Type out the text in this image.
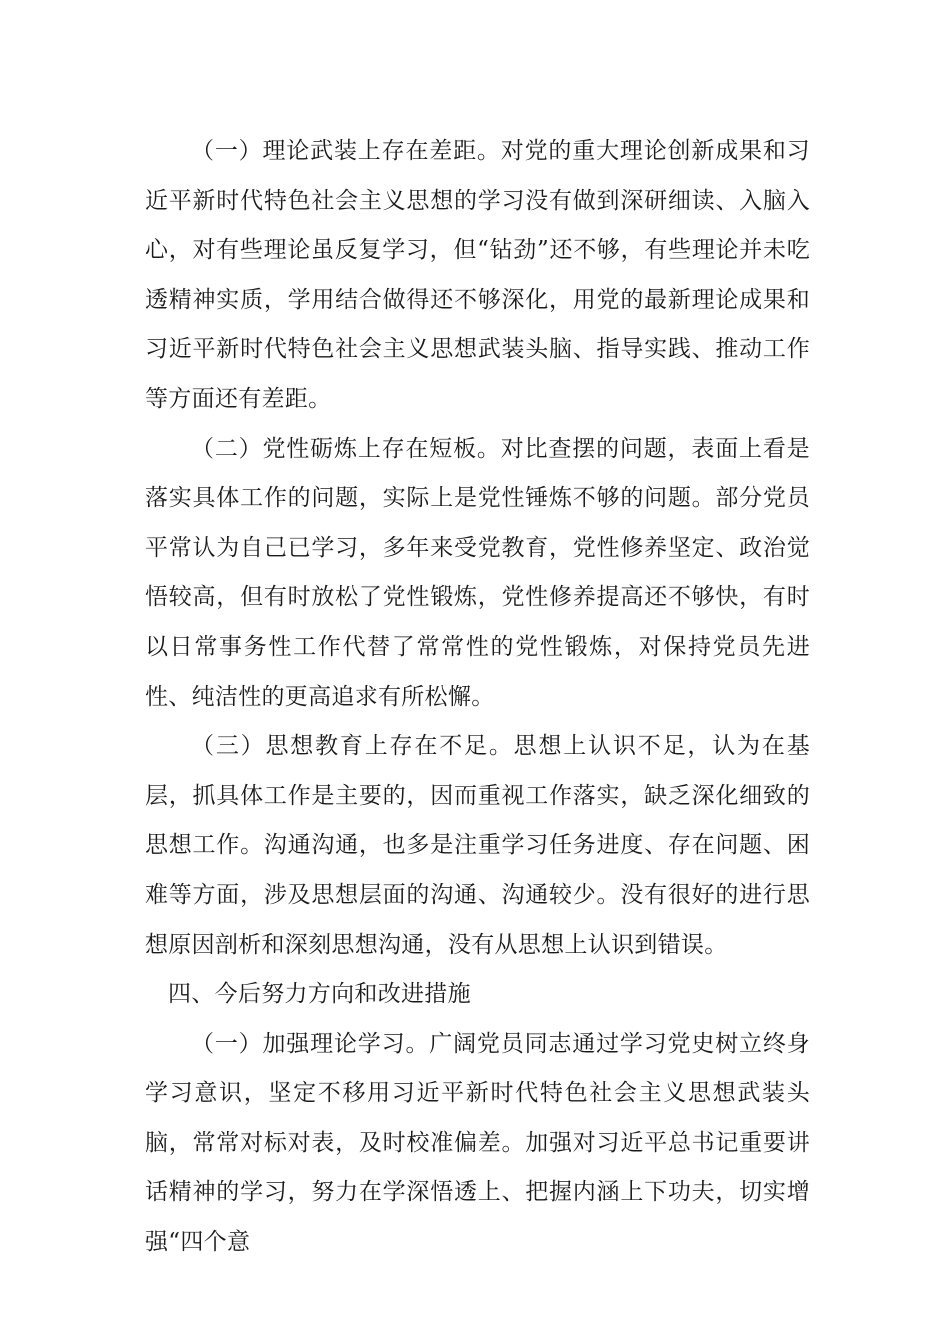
（一）理论武装上存在差距。对党的重大理论创新成果和习近平新时代特色社会主义思想的学习没有做到深研细读、入脑入心，对有些理论虽反复学习，但“钻劲”还不够，有些理论并未吃透精神实质，学用结合做得还不够深化，用党的最新理论成果和习近平新时代特色社会主义思想武装头脑、指导实践、推动工作等方面还有差距。

（二）党性砺炼上存在短板。对比查摆的问题，表面上看是落实具体工作的问题，实际上是党性锤炼不够的问题。部分党员平常认为自己已学习，多年来受党教育，党性修养坚定、政治觉悟较高，但有时放松了党性锻炼，党性修养提高还不够快，有时以日常事务性工作代替了常常性的党性锻炼，对保持党员先进性、纯洁性的更高追求有所松懈。

（三）思想教育上存在不足。思想上认识不足，认为在基层，抓具体工作是主要的，因而重视工作落实，缺乏深化细致的思想工作。沟通沟通，也多是注重学习任务进度、存在问题、困难等方面，涉及思想层面的沟通、沟通较少。没有很好的进行思想原因剖析和深刻思想沟通，没有从思想上认识到错误。

四、今后努力方向和改进措施

（一）加强理论学习。广阔党员同志通过学习党史树立终身学习意识，坚定不移用习近平新时代特色社会主义思想武装头脑，常常对标对表，及时校准偏差。加强对习近平总书记重要讲话精神的学习，努力在学深悟透上、把握内涵上下功夫，切实增强“四个意
